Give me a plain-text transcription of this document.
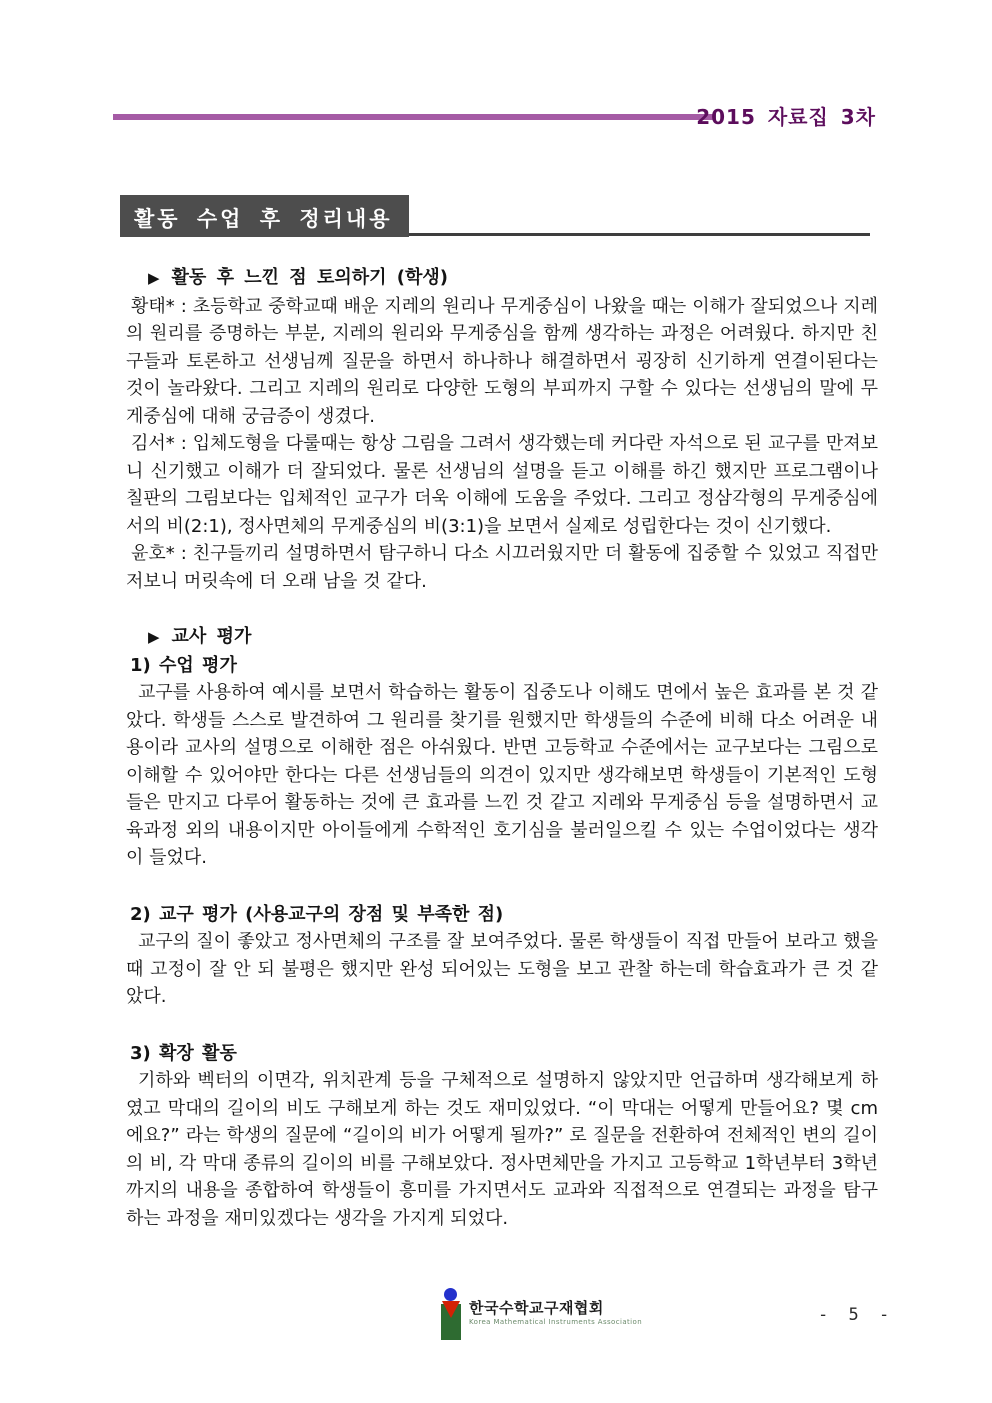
2015 자료집 3차
활동 수업 후 정리내용
▶ 활동 후 느낀 점 토의하기 (학생)

황태* : 초등학교 중학교때 배운 지레의 원리나 무게중심이 나왔을 때는 이해가 잘되었으나 지레의 원리를 증명하는 부분, 지레의 원리와 무게중심을 함께 생각하는 과정은 어려웠다. 하지만 친구들과 토론하고 선생님께 질문을 하면서 하나하나 해결하면서 굉장히 신기하게 연결이된다는 것이 놀라왔다. 그리고 지레의 원리로 다양한 도형의 부피까지 구할 수 있다는 선생님의 말에 무게중심에 대해 궁금증이 생겼다.

김서* : 입체도형을 다룰때는 항상 그림을 그려서 생각했는데 커다란 자석으로 된 교구를 만져보니 신기했고 이해가 더 잘되었다. 물론 선생님의 설명을 듣고 이해를 하긴 했지만 프로그램이나 칠판의 그림보다는 입체적인 교구가 더욱 이해에 도움을 주었다. 그리고 정삼각형의 무게중심에서의 비(2:1), 정사면체의 무게중심의 비(3:1)을 보면서 실제로 성립한다는 것이 신기했다.

윤호* : 친구들끼리 설명하면서 탐구하니 다소 시끄러웠지만 더 활동에 집중할 수 있었고 직접만저보니 머릿속에 더 오래 남을 것 같다.

▶ 교사 평가
1) 수업 평가

교구를 사용하여 예시를 보면서 학습하는 활동이 집중도나 이해도 면에서 높은 효과를 본 것 같았다. 학생들 스스로 발견하여 그 원리를 찾기를 원했지만 학생들의 수준에 비해 다소 어려운 내용이라 교사의 설명으로 이해한 점은 아쉬웠다. 반면 고등학교 수준에서는 교구보다는 그림으로 이해할 수 있어야만 한다는 다른 선생님들의 의견이 있지만 생각해보면 학생들이 기본적인 도형들은 만지고 다루어 활동하는 것에 큰 효과를 느낀 것 같고 지레와 무게중심 등을 설명하면서 교육과정 외의 내용이지만 아이들에게 수학적인 호기심을 불러일으킬 수 있는 수업이었다는 생각이 들었다.

2) 교구 평가 (사용교구의 장점 및 부족한 점)

교구의 질이 좋았고 정사면체의 구조를 잘 보여주었다. 물론 학생들이 직접 만들어 보라고 했을 때 고정이 잘 안 되 불평은 했지만 완성 되어있는 도형을 보고 관찰 하는데 학습효과가 큰 것 같았다.

3) 확장 활동

기하와 벡터의 이면각, 위치관계 등을 구체적으로 설명하지 않았지만 언급하며 생각해보게 하였고 막대의 길이의 비도 구해보게 하는 것도 재미있었다. “이 막대는 어떻게 만들어요? 몇 cm에요?” 라는 학생의 질문에 “길이의 비가 어떻게 될까?” 로 질문을 전환하여 전체적인 변의 길이의 비, 각 막대 종류의 길이의 비를 구해보았다. 정사면체만을 가지고 고등학교 1학년부터 3학년까지의 내용을 종합하여 학생들이 흥미를 가지면서도 교과와 직접적으로 연결되는 과정을 탐구하는 과정을 재미있겠다는 생각을 가지게 되었다.

한국수학교구재협회
Korea Mathematical Instruments Association	- 5 -
